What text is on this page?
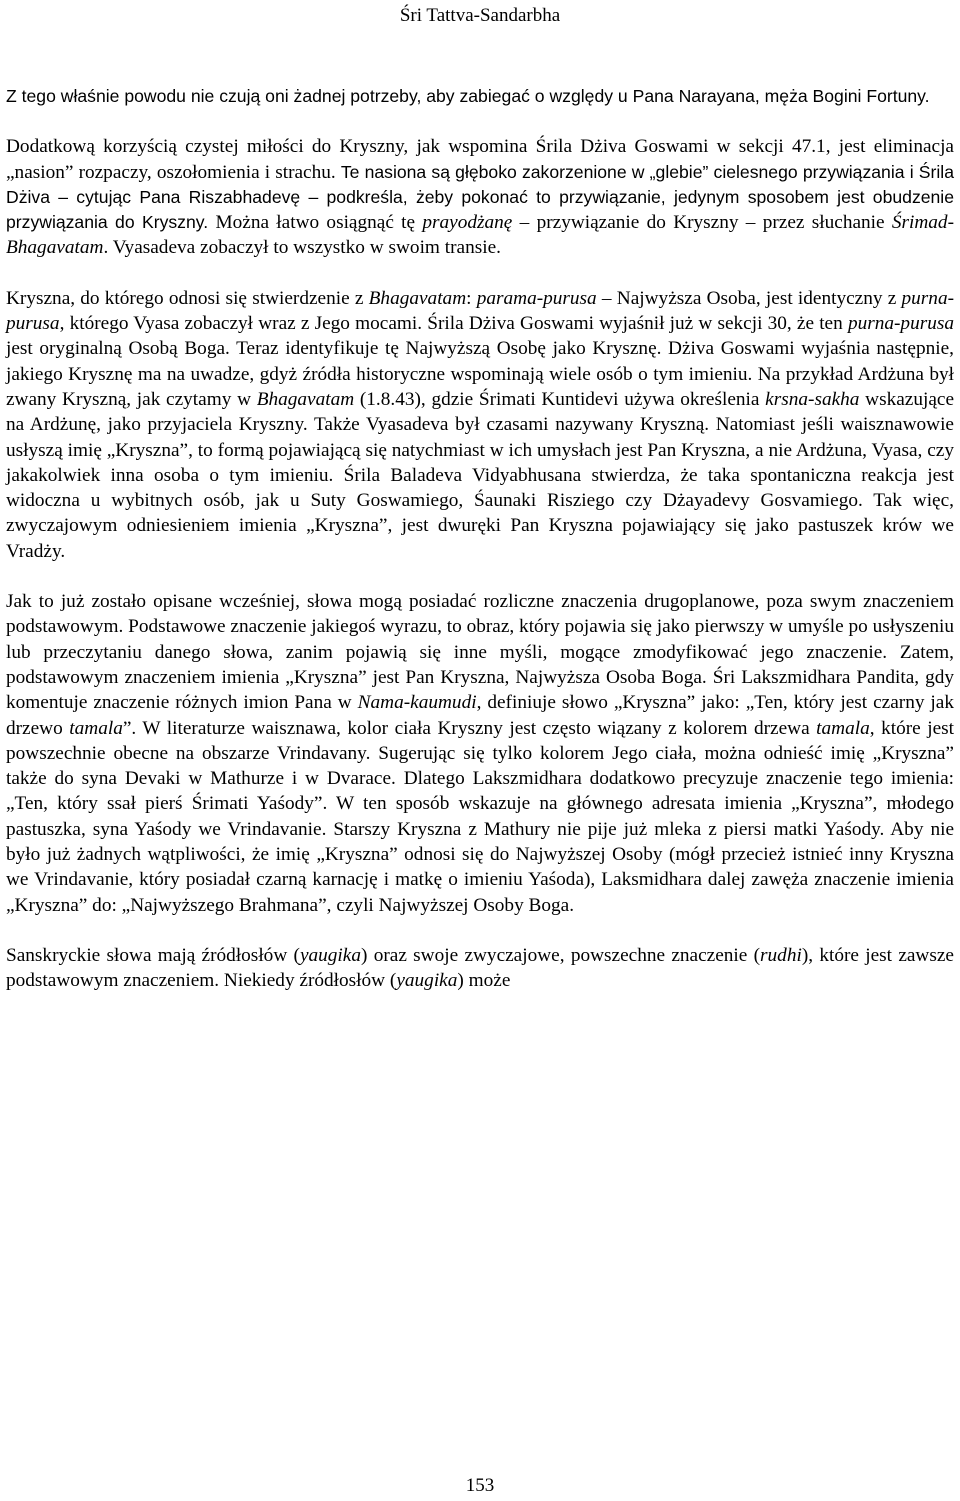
Śri Tattva-Sandarbha

Z tego właśnie powodu nie czują oni żadnej potrzeby, aby zabiegać o względy u Pana Narayana, męża Bogini Fortuny.

Dodatkową korzyścią czystej miłości do Kryszny, jak wspomina Śrila Dżiva Goswami w sekcji 47.1, jest eliminacja „nasion” rozpaczy, oszołomienia i strachu. Te nasiona są głęboko zakorzenione w „glebie” cielesnego przywiązania i Śrila Dżiva – cytując Pana Riszabhadevę – podkreśla, żeby pokonać to przywiązanie, jedynym sposobem jest obudzenie przywiązania do Kryszny. Można łatwo osiągnąć tę prayodżanę – przywiązanie do Kryszny – przez słuchanie Śrimad-Bhagavatam. Vyasadeva zobaczył to wszystko w swoim transie.

Kryszna, do którego odnosi się stwierdzenie z Bhagavatam: parama-purusa – Najwyższa Osoba, jest identyczny z purna-purusa, którego Vyasa zobaczył wraz z Jego mocami. Śrila Dżiva Goswami wyjaśnił już w sekcji 30, że ten purna-purusa jest oryginalną Osobą Boga. Teraz identyfikuje tę Najwyższą Osobę jako Krysznę. Dżiva Goswami wyjaśnia następnie, jakiego Krysznę ma na uwadze, gdyż źródła historyczne wspominają wiele osób o tym imieniu. Na przykład Ardżuna był zwany Kryszną, jak czytamy w Bhagavatam (1.8.43), gdzie Śrimati Kuntidevi używa określenia krsna-sakha wskazujące na Ardżunę, jako przyjaciela Kryszny. Także Vyasadeva był czasami nazywany Kryszną. Natomiast jeśli waisznawowie usłyszą imię „Kryszna”, to formą pojawiającą się natychmiast w ich umysłach jest Pan Kryszna, a nie Ardżuna, Vyasa, czy jakakolwiek inna osoba o tym imieniu. Śrila Baladeva Vidyabhusana stwierdza, że taka spontaniczna reakcja jest widoczna u wybitnych osób, jak u Suty Goswamiego, Śaunaki Risziego czy Dżayadevy Gosvamiego. Tak więc, zwyczajowym odniesieniem imienia „Kryszna”, jest dwuręki Pan Kryszna pojawiający się jako pastuszek krów we Vradży.

Jak to już zostało opisane wcześniej, słowa mogą posiadać rozliczne znaczenia drugoplanowe, poza swym znaczeniem podstawowym. Podstawowe znaczenie jakiegoś wyrazu, to obraz, który pojawia się jako pierwszy w umyśle po usłyszeniu lub przeczytaniu danego słowa, zanim pojawią się inne myśli, mogące zmodyfikować jego znaczenie. Zatem, podstawowym znaczeniem imienia „Kryszna” jest Pan Kryszna, Najwyższa Osoba Boga. Śri Lakszmidhara Pandita, gdy komentuje znaczenie różnych imion Pana w Nama-kaumudi, definiuje słowo „Kryszna” jako: „Ten, który jest czarny jak drzewo tamala”. W literaturze waisznawa, kolor ciała Kryszny jest często wiązany z kolorem drzewa tamala, które jest powszechnie obecne na obszarze Vrindavany. Sugerując się tylko kolorem Jego ciała, można odnieść imię „Kryszna” także do syna Devaki w Mathurze i w Dvarace. Dlatego Lakszmidhara dodatkowo precyzuje znaczenie tego imienia: „Ten, który ssał pierś Śrimati Yaśody”. W ten sposób wskazuje na głównego adresata imienia „Kryszna”, młodego pastuszka, syna Yaśody we Vrindavanie. Starszy Kryszna z Mathury nie pije już mleka z piersi matki Yaśody. Aby nie było już żadnych wątpliwości, że imię „Kryszna” odnosi się do Najwyższej Osoby (mógł przecież istnieć inny Kryszna we Vrindavanie, który posiadał czarną karnację i matkę o imieniu Yaśoda), Laksmidhara dalej zawęża znaczenie imienia „Kryszna” do: „Najwyższego Brahmana”, czyli Najwyższej Osoby Boga.

Sanskryckie słowa mają źródłosłów (yaugika) oraz swoje zwyczajowe, powszechne znaczenie (rudhi), które jest zawsze podstawowym znaczeniem. Niekiedy źródłosłów (yaugika) może

153
